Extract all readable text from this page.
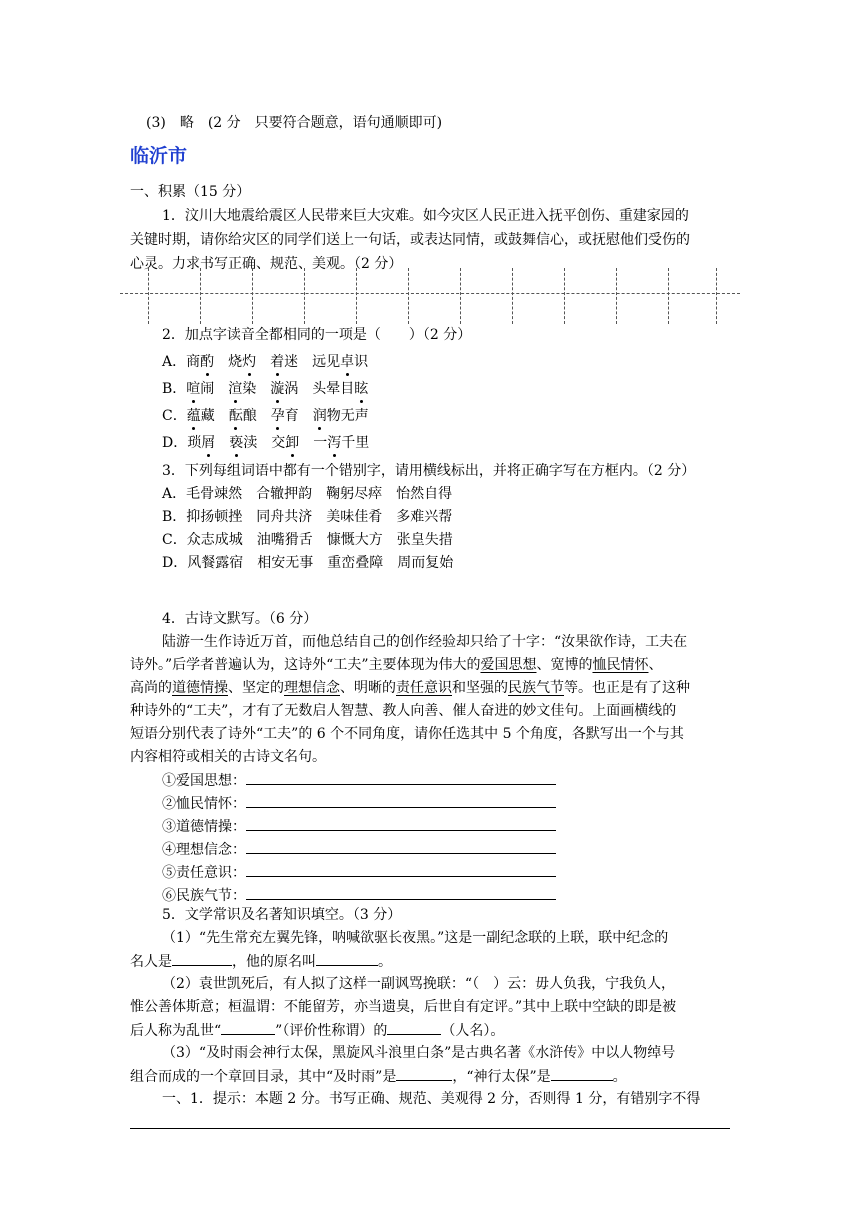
(3)　略　(2 分　只要符合题意，语句通顺即可)
临沂市
一、积累（15 分）
1．汶川大地震给震区人民带来巨大灾难。如今灾区人民正进入抚平创伤、重建家园的
关键时期，请你给灾区的同学们送上一句话，或表达同情，或鼓舞信心，或抚慰他们受伤的
心灵。力求书写正确、规范、美观。（2 分）
2．加点字读音全都相同的一项是（　　）（2 分）
A．商酌　 烧灼　 着迷　 远见卓识
B．喧闹　 渲染　 漩涡　 头晕目眩
C．蕴藏　 酝酿　 孕育　 润物无声
D．琐屑　 亵渎　 交卸　 一泻千里
3．下列每组词语中都有一个错别字，请用横线标出，并将正确字写在方框内。（2 分）
A．毛骨竦然　合辙押韵　鞠躬尽瘁　怡然自得
B．抑扬顿挫　同舟共济　美味佳肴　多难兴帮
C．众志成城　油嘴猾舌　慷慨大方　张皇失措
D．风餐露宿　相安无事　重峦叠障　周而复始
4．古诗文默写。（6 分）
陆游一生作诗近万首，而他总结自己的创作经验却只给了十字：“汝果欲作诗，工夫在
诗外。”后学者普遍认为，这诗外“工夫”主要体现为伟大的爱国思想、宽博的恤民情怀、
高尚的道德情操、坚定的理想信念、明晰的责任意识和坚强的民族气节等。也正是有了这种
种诗外的“工夫”，才有了无数启人智慧、教人向善、催人奋进的妙文佳句。上面画横线的
短语分别代表了诗外“工夫”的 6 个不同角度，请你任选其中 5 个角度，各默写出一个与其
内容相符或相关的古诗文名句。
①爱国思想：
②恤民情怀：
③道德情操：
④理想信念：
⑤责任意识：
⑥民族气节：
5．文学常识及名著知识填空。（3 分）
（1）“先生常充左翼先锋，呐喊欲驱长夜黑。”这是一副纪念联的上联，联中纪念的
名人是	，他的原名叫	。
（2）袁世凯死后，有人拟了这样一副讽骂挽联：“（　）云：毋人负我，宁我负人，
惟公善体斯意；桓温谓：不能留芳，亦当遗臭，后世自有定评。”其中上联中空缺的即是被
后人称为乱世“	”（评价性称谓）的	（人名）。
（3）“及时雨会神行太保，黑旋风斗浪里白条”是古典名著《水浒传》中以人物绰号
组合而成的一个章回目录，其中“及时雨”是	，“神行太保”是	。
一、1．提示：本题 2 分。书写正确、规范、美观得 2 分，否则得 1 分，有错别字不得
